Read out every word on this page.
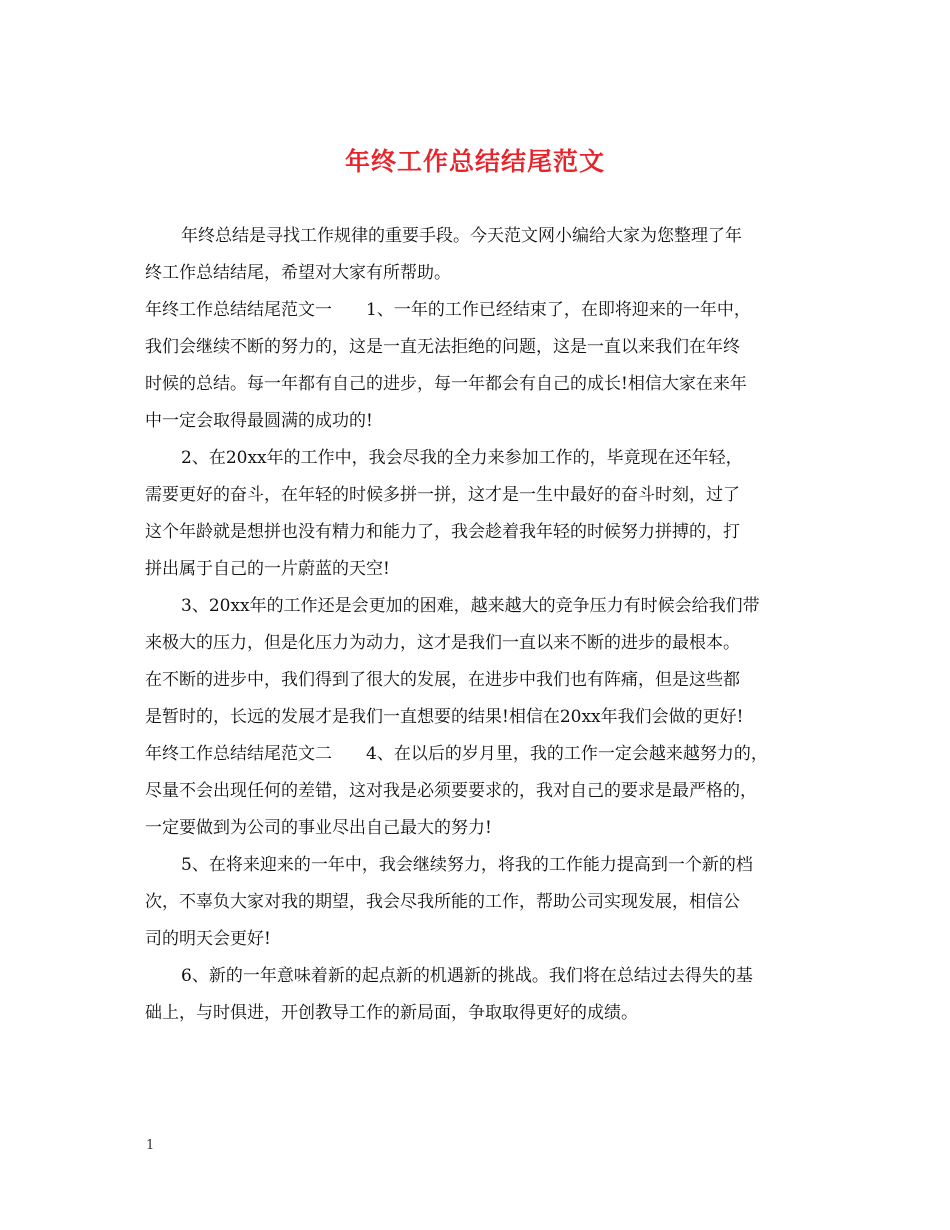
年终工作总结结尾范文
年终总结是寻找工作规律的重要手段。今天范文网小编给大家为您整理了年
终工作总结结尾，希望对大家有所帮助。
年终工作总结结尾范文一 1、一年的工作已经结束了，在即将迎来的一年中，
我们会继续不断的努力的，这是一直无法拒绝的问题，这是一直以来我们在年终
时候的总结。每一年都有自己的进步，每一年都会有自己的成长!相信大家在来年
中一定会取得最圆满的成功的!
2、在20xx年的工作中，我会尽我的全力来参加工作的，毕竟现在还年轻，
需要更好的奋斗，在年轻的时候多拼一拼，这才是一生中最好的奋斗时刻，过了
这个年龄就是想拼也没有精力和能力了，我会趁着我年轻的时候努力拼搏的，打
拼出属于自己的一片蔚蓝的天空!
3、20xx年的工作还是会更加的困难，越来越大的竞争压力有时候会给我们带
来极大的压力，但是化压力为动力，这才是我们一直以来不断的进步的最根本。
在不断的进步中，我们得到了很大的发展，在进步中我们也有阵痛，但是这些都
是暂时的，长远的发展才是我们一直想要的结果!相信在20xx年我们会做的更好!
年终工作总结结尾范文二 4、在以后的岁月里，我的工作一定会越来越努力的，
尽量不会出现任何的差错，这对我是必须要要求的，我对自己的要求是最严格的，
一定要做到为公司的事业尽出自己最大的努力!
5、在将来迎来的一年中，我会继续努力，将我的工作能力提高到一个新的档
次，不辜负大家对我的期望，我会尽我所能的工作，帮助公司实现发展，相信公
司的明天会更好!
6、新的一年意味着新的起点新的机遇新的挑战。我们将在总结过去得失的基
础上，与时俱进，开创教导工作的新局面，争取取得更好的成绩。
1
